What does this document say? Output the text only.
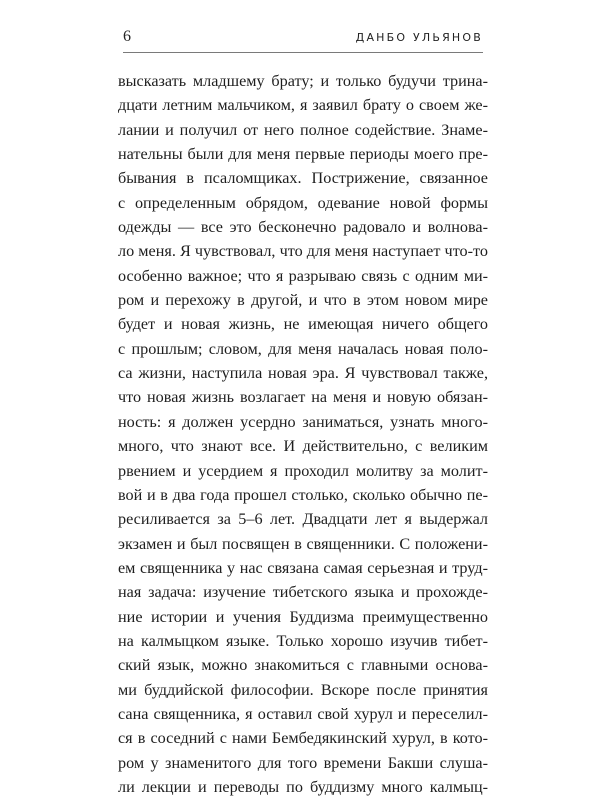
6	ДАНБО УЛЬЯНОВ
высказать младшему брату; и только будучи трина-
дцати летним мальчиком, я заявил брату о своем же-
лании и получил от него полное содействие. Знаме-
нательны были для меня первые периоды моего пре-
бывания в псаломщиках. Пострижение, связанное
с определенным обрядом, одевание новой формы
одежды — все это бесконечно радовало и волнова-
ло меня. Я чувствовал, что для меня наступает что-то
особенно важное; что я разрываю связь с одним ми-
ром и перехожу в другой, и что в этом новом мире
будет и новая жизнь, не имеющая ничего общего
с прошлым; словом, для меня началась новая поло-
са жизни, наступила новая эра. Я чувствовал также,
что новая жизнь возлагает на меня и новую обязан-
ность: я должен усердно заниматься, узнать много-
много, что знают все. И действительно, с великим
рвением и усердием я проходил молитву за молит-
вой и в два года прошел столько, сколько обычно пе-
ресиливается за 5–6 лет. Двадцати лет я выдержал
экзамен и был посвящен в священники. С положени-
ем священника у нас связана самая серьезная и труд-
ная задача: изучение тибетского языка и прохожде-
ние истории и учения Буддизма преимущественно
на калмыцком языке. Только хорошо изучив тибет-
ский язык, можно знакомиться с главными основа-
ми буддийской философии. Вскоре после принятия
сана священника, я оставил свой хурул и переселил-
ся в соседний с нами Бембедякинский хурул, в кото-
ром у знаменитого для того времени Бакши слуша-
ли лекции и переводы по буддизму много калмыц-
